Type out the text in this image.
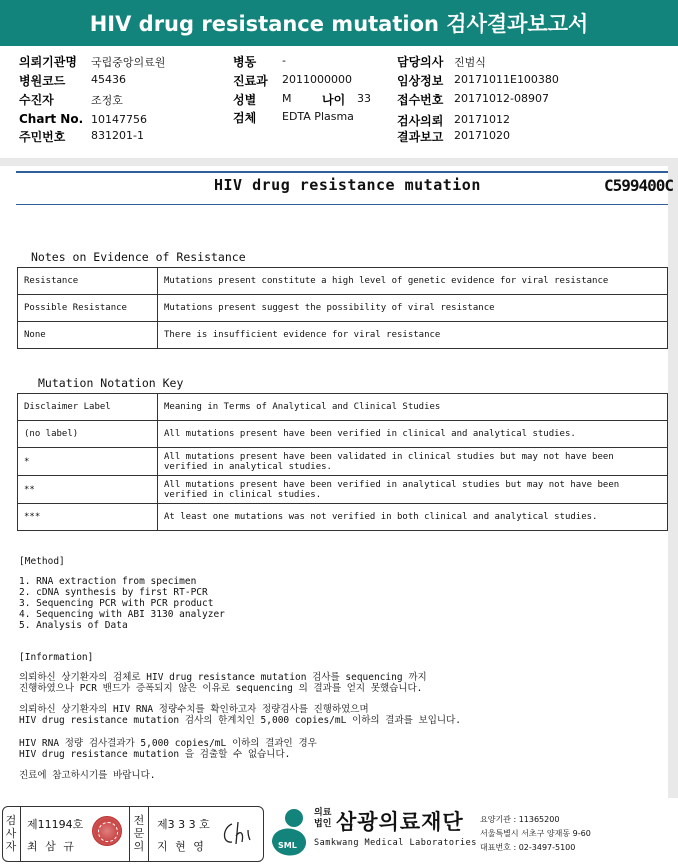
HIV drug resistance mutation 검사결과보고서
의뢰기관명 국립중앙의료원
병원코드 45436
수진자	조정호
Chart No. 10147756
주민번호 831201-1
병동 -
진료과 2011000000
성별 M	나이 33
검체 EDTA Plasma
담당의사 진범식
임상정보 20171011E100380
접수번호 20171012-08907
검사의뢰 20171012
결과보고 20171020
HIV drug resistance mutation	C599400C
Notes on Evidence of Resistance
Resistance	Mutations present constitute a high level of genetic evidence for viral resistance
Possible Resistance	Mutations present suggest the possibility of viral resistance
None	There is insufficient evidence for viral resistance
Mutation Notation Key
Disclaimer Label	Meaning in Terms of Analytical and Clinical Studies
(no label)	All mutations present have been verified in clinical and analytical studies.
*	All mutations present have been validated in clinical studies but may not have been verified in analytical studies.
**	All mutations present have been verified in analytical studies but may not have been verified in clinical studies.
***	At least one mutations was not verified in both clinical and analytical studies.
[Method]
1. RNA extraction from specimen
2. cDNA synthesis by first RT-PCR
3. Sequencing PCR with PCR product
4. Sequencing with ABI 3130 analyzer
5. Analysis of Data
[Information]
의뢰하신 상기환자의 검체로 HIV drug resistance mutation 검사를 sequencing 까지
진행하였으나 PCR 밴드가 증폭되지 않은 이유로 sequencing 의 결과를 얻지 못했습니다.
의뢰하신 상기환자의 HIV RNA 정량수치를 확인하고자 정량검사를 진행하였으며
HIV drug resistance mutation 검사의 한계치인 5,000 copies/mL 이하의 결과를 보입니다.
HIV RNA 정량 검사결과가 5,000 copies/mL 이하의 결과인 경우
HIV drug resistance mutation 을 검출할 수 없습니다.
진료에 참고하시기를 바랍니다.
검
사
자
제11194호
최 삼 규
전
문
의
제3 3 3 호
지 현 영	SML
의료
법인 삼광의료재단
Samkwang Medical Laboratories
요양기관 : 11365200
서울특별시 서초구 양재동 9-60
대표번호 : 02-3497-5100
